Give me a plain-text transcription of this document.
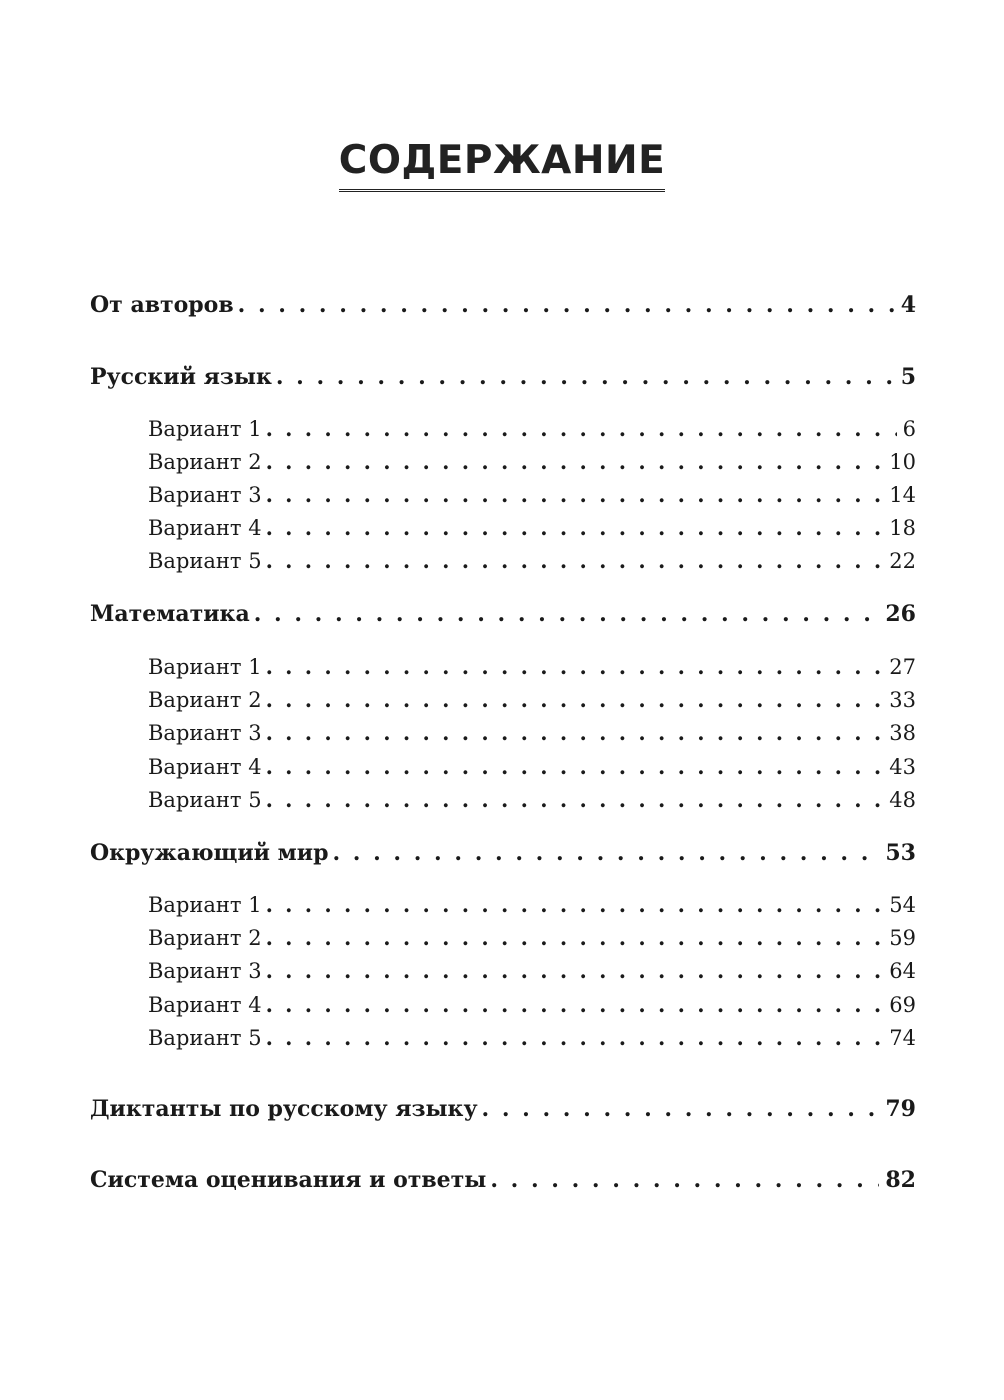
СОДЕРЖАНИЕ
От авторов . . .	4
Русский язык . . .	5
Вариант 1 . . .	6
Вариант 2 . . .	10
Вариант 3 . . .	14
Вариант 4 . . .	18
Вариант 5 . . .	22
Математика . . .	26
Вариант 1 . . .	27
Вариант 2 . . .	33
Вариант 3 . . .	38
Вариант 4 . . .	43
Вариант 5 . . .	48
Окружающий мир . . .	53
Вариант 1 . . .	54
Вариант 2 . . .	59
Вариант 3 . . .	64
Вариант 4 . . .	69
Вариант 5 . . .	74
Диктанты по русскому языку . . .	79
Система оценивания и ответы . . .	82
